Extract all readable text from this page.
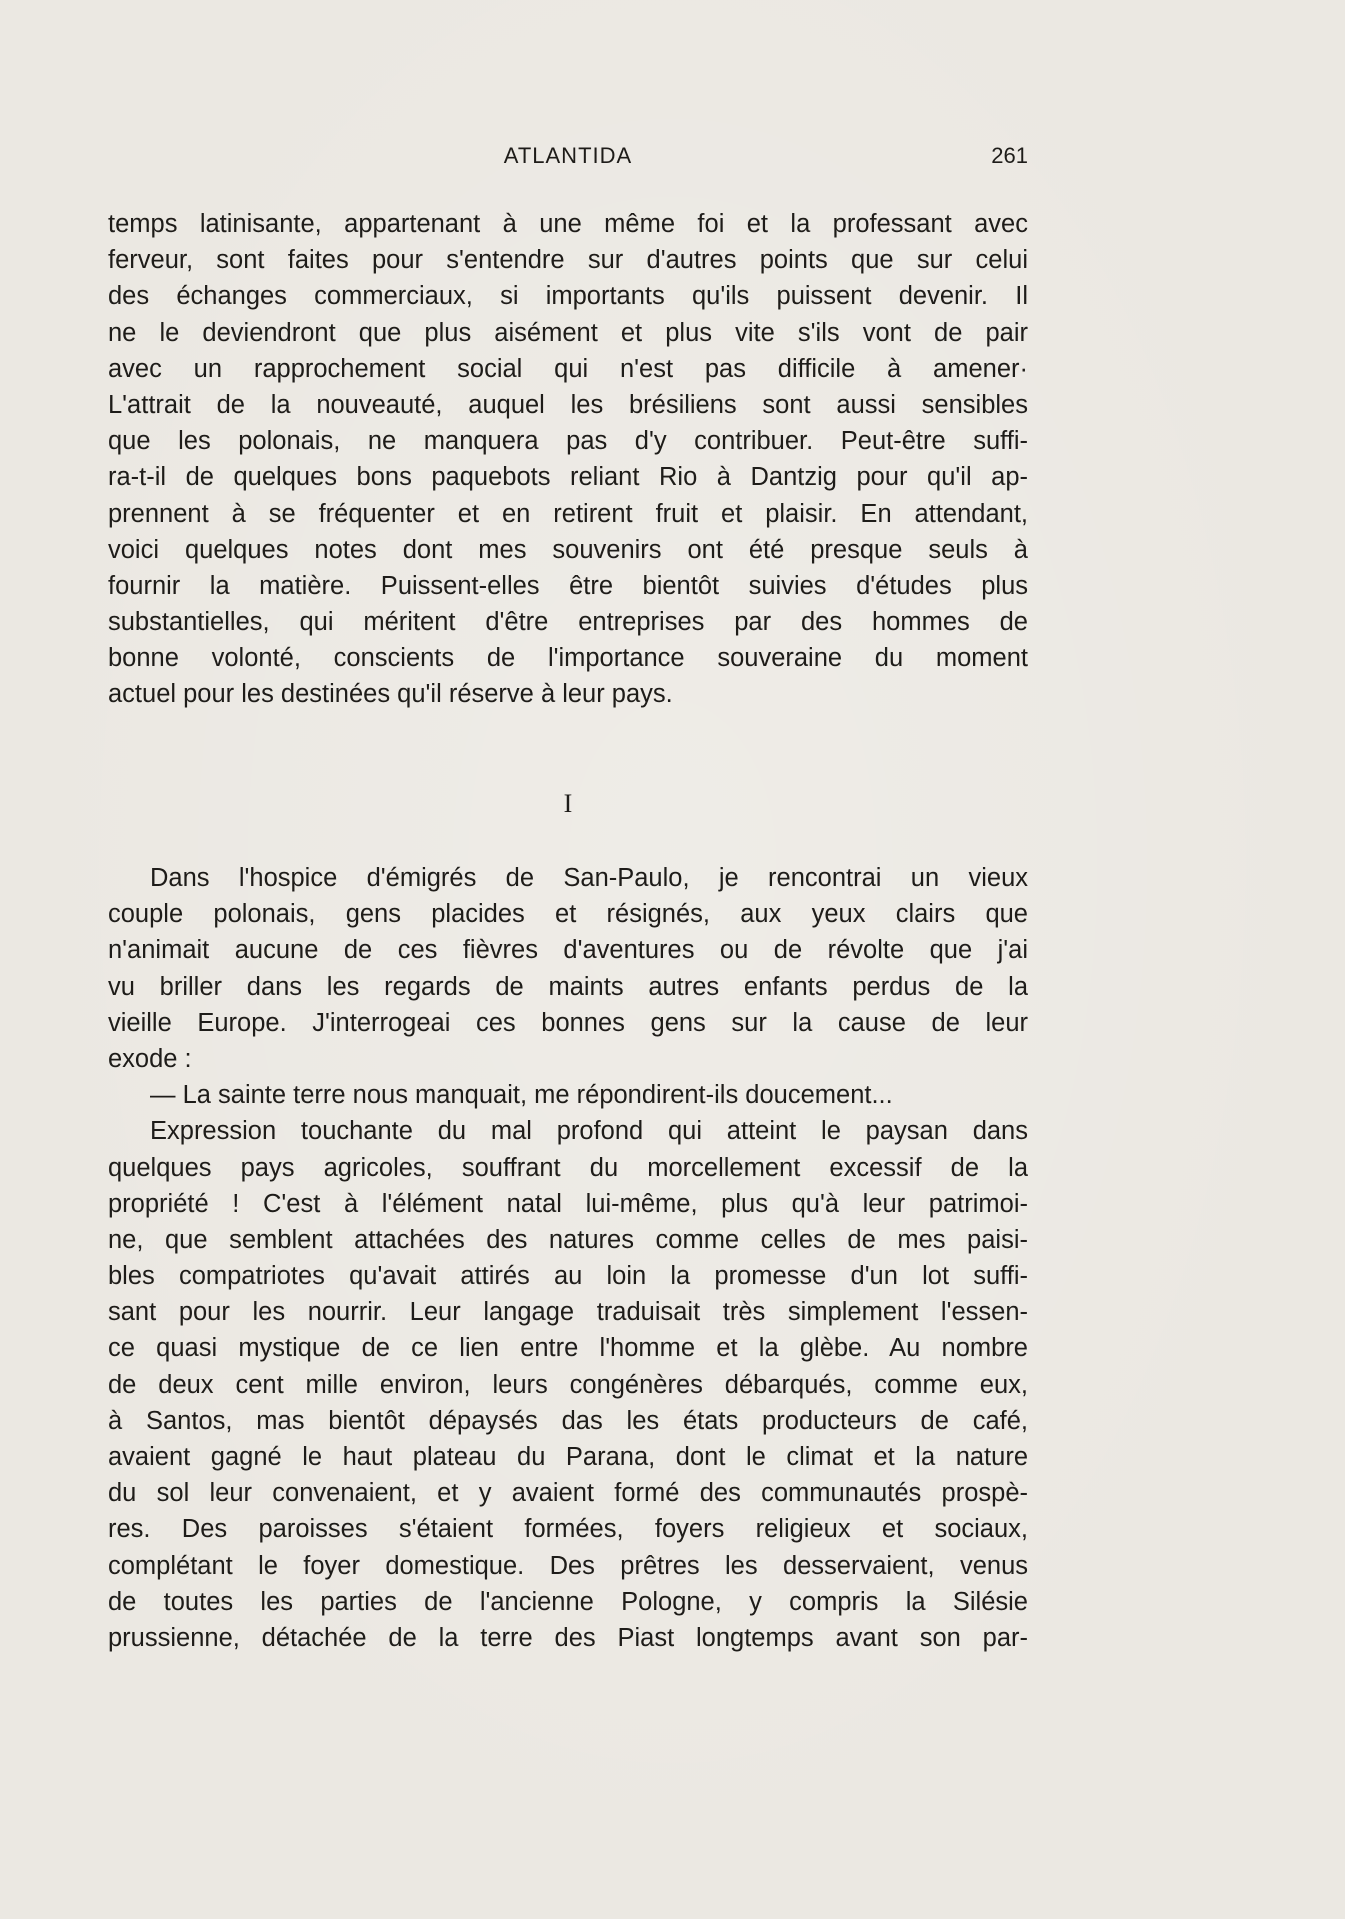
ATLANTIDA	261
temps latinisante, appartenant à une même foi et la professant avec
ferveur, sont faites pour s'entendre sur d'autres points que sur celui
des échanges commerciaux, si importants qu'ils puissent devenir. Il
ne le deviendront que plus aisément et plus vite s'ils vont de pair
avec un rapprochement social qui n'est pas difficile à amener·
L'attrait de la nouveauté, auquel les brésiliens sont aussi sensibles
que les polonais, ne manquera pas d'y contribuer. Peut-être suffi-
ra-t-il de quelques bons paquebots reliant Rio à Dantzig pour qu'il ap-
prennent à se fréquenter et en retirent fruit et plaisir. En attendant,
voici quelques notes dont mes souvenirs ont été presque seuls à
fournir la matière. Puissent-elles être bientôt suivies d'études plus
substantielles, qui méritent d'être entreprises par des hommes de
bonne volonté, conscients de l'importance souveraine du moment
actuel pour les destinées qu'il réserve à leur pays.
I
Dans l'hospice d'émigrés de San-Paulo, je rencontrai un vieux
couple polonais, gens placides et résignés, aux yeux clairs que
n'animait aucune de ces fièvres d'aventures ou de révolte que j'ai
vu briller dans les regards de maints autres enfants perdus de la
vieille Europe. J'interrogeai ces bonnes gens sur la cause de leur
exode :
— La sainte terre nous manquait, me répondirent-ils doucement...
Expression touchante du mal profond qui atteint le paysan dans
quelques pays agricoles, souffrant du morcellement excessif de la
propriété ! C'est à l'élément natal lui-même, plus qu'à leur patrimoi-
ne, que semblent attachées des natures comme celles de mes paisi-
bles compatriotes qu'avait attirés au loin la promesse d'un lot suffi-
sant pour les nourrir. Leur langage traduisait très simplement l'essen-
ce quasi mystique de ce lien entre l'homme et la glèbe. Au nombre
de deux cent mille environ, leurs congénères débarqués, comme eux,
à Santos, mas bientôt dépaysés das les états producteurs de café,
avaient gagné le haut plateau du Parana, dont le climat et la nature
du sol leur convenaient, et y avaient formé des communautés prospè-
res. Des paroisses s'étaient formées, foyers religieux et sociaux,
complétant le foyer domestique. Des prêtres les desservaient, venus
de toutes les parties de l'ancienne Pologne, y compris la Silésie
prussienne, détachée de la terre des Piast longtemps avant son par-
